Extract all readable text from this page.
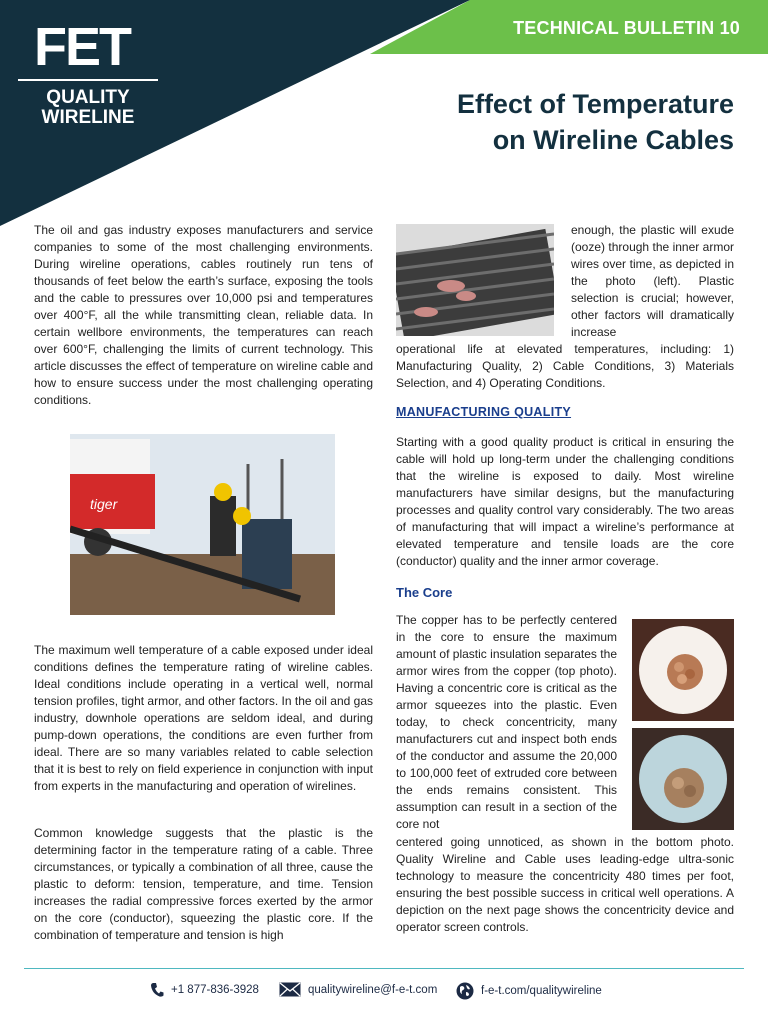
TECHNICAL BULLETIN 10
FET
QUALITY
WIRELINE	Effect of Temperature
on Wireline Cables
The oil and gas industry exposes manufacturers and service companies to some of the most challenging environments. During wireline operations, cables routinely run tens of thousands of feet below the earth’s surface, exposing the tools and the cable to pressures over 10,000 psi and temperatures over 400°F, all the while transmitting clean, reliable data. In certain wellbore environments, the temperatures can reach over 600°F, challenging the limits of current technology. This article discusses the effect of temperature on wireline cable and how to ensure success under the most challenging operating conditions.
tiger
The maximum well temperature of a cable exposed under ideal conditions defines the temperature rating of wireline cables. Ideal conditions include operating in a vertical well, normal tension profiles, tight armor, and other factors. In the oil and gas industry, downhole operations are seldom ideal, and during pump-down operations, the conditions are even further from ideal. There are so many variables related to cable selection that it is best to rely on field experience in conjunction with input from experts in the manufacturing and operation of wirelines.
Common knowledge suggests that the plastic is the determining factor in the temperature rating of a cable. Three circumstances, or typically a combination of all three, cause the plastic to deform: tension, temperature, and time. Tension increases the radial compressive forces exerted by the armor on the core (conductor), squeezing the plastic core. If the combination of temperature and tension is high
enough, the plastic will exude (ooze) through the inner armor wires over time, as depicted in the photo (left). Plastic selection is crucial; however, other factors will dramatically increase
operational life at elevated temperatures, including: 1) Manufacturing Quality, 2) Cable Conditions, 3) Materials Selection, and 4) Operating Conditions.
MANUFACTURING QUALITY
Starting with a good quality product is critical in ensuring the cable will hold up long-term under the challenging conditions that the wireline is exposed to daily. Most wireline manufacturers have similar designs, but the manufacturing processes and quality control vary considerably. The two areas of manufacturing that will impact a wireline’s performance at elevated temperature and tensile loads are the core (conductor) quality and the inner armor coverage.
The Core
The copper has to be perfectly centered in the core to ensure the maximum amount of plastic insulation separates the armor wires from the copper (top photo). Having a concentric core is critical as the armor squeezes into the plastic. Even today, to check concentricity, many manufacturers cut and inspect both ends of the conductor and assume the 20,000 to 100,000 feet of extruded core between the ends remains consistent. This assumption can result in a section of the core not
centered going unnoticed, as shown in the bottom photo. Quality Wireline and Cable uses leading-edge ultra-sonic technology to measure the concentricity 480 times per foot, ensuring the best possible success in critical well operations. A depiction on the next page shows the concentricity device and operator screen controls.
+1 877-836-3928	qualitywireline@f-e-t.com	f-e-t.com/qualitywireline
